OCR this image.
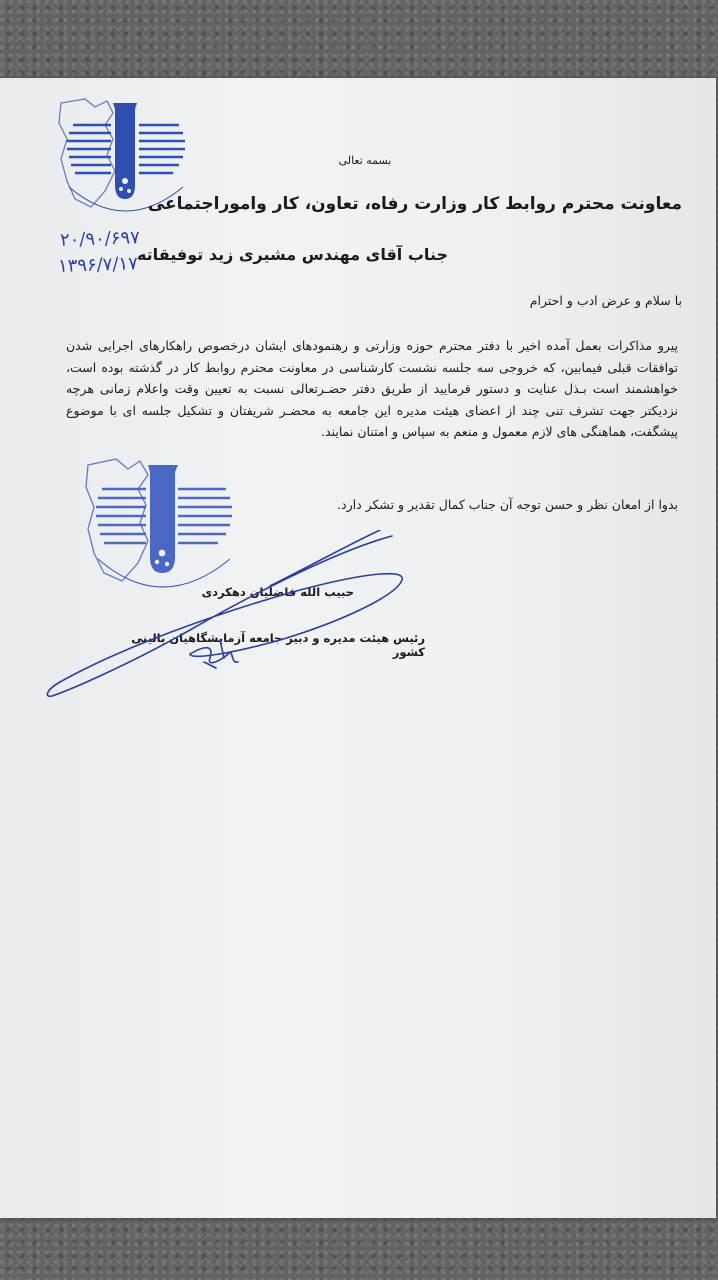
۲۰/۹۰/۶۹۷
۱۳۹۶/۷/۱۷
بسمه تعالی
معاونت محترم روابط کار وزارت رفاه، تعاون، کار واموراجتماعی
جناب آقای مهندس مشیری زید توفیقاته
با سلام و عرض ادب و احترام
پیرو مذاکرات بعمل آمده اخیر با دفتر محترم حوزه وزارتی و رهنمودهای ایشان درخصوص راهکارهای اجرایی شدن توافقات قبلی فیمابین، که خروجی سه جلسه نشست کارشناسی در معاونت محترم روابط کار در گذشته بوده است، خواهشمند است بـذل عنایت و دستور فرمایید از طریق دفتر حضـرتعالی نسبت به تعیین وقت واعلام زمانی هرچه نزدیکتر جهت تشرف تنی چند از اعضای هیئت مدیره این جامعه به محضـر شریفتان و تشکیل جلسه ای با موضوع پیشگفت، هماهنگی های لازم معمول و منعم به سپاس و امتنان نمایند.
بدوا از امعان نظر و حسن توجه آن جناب کمال تقدیر و تشکر دارد.
حبیب الله فاضلیان دهکردی
رئیس هیئت مدیره و دبیر جامعه آزمایشگاهیان بالینی کشور
